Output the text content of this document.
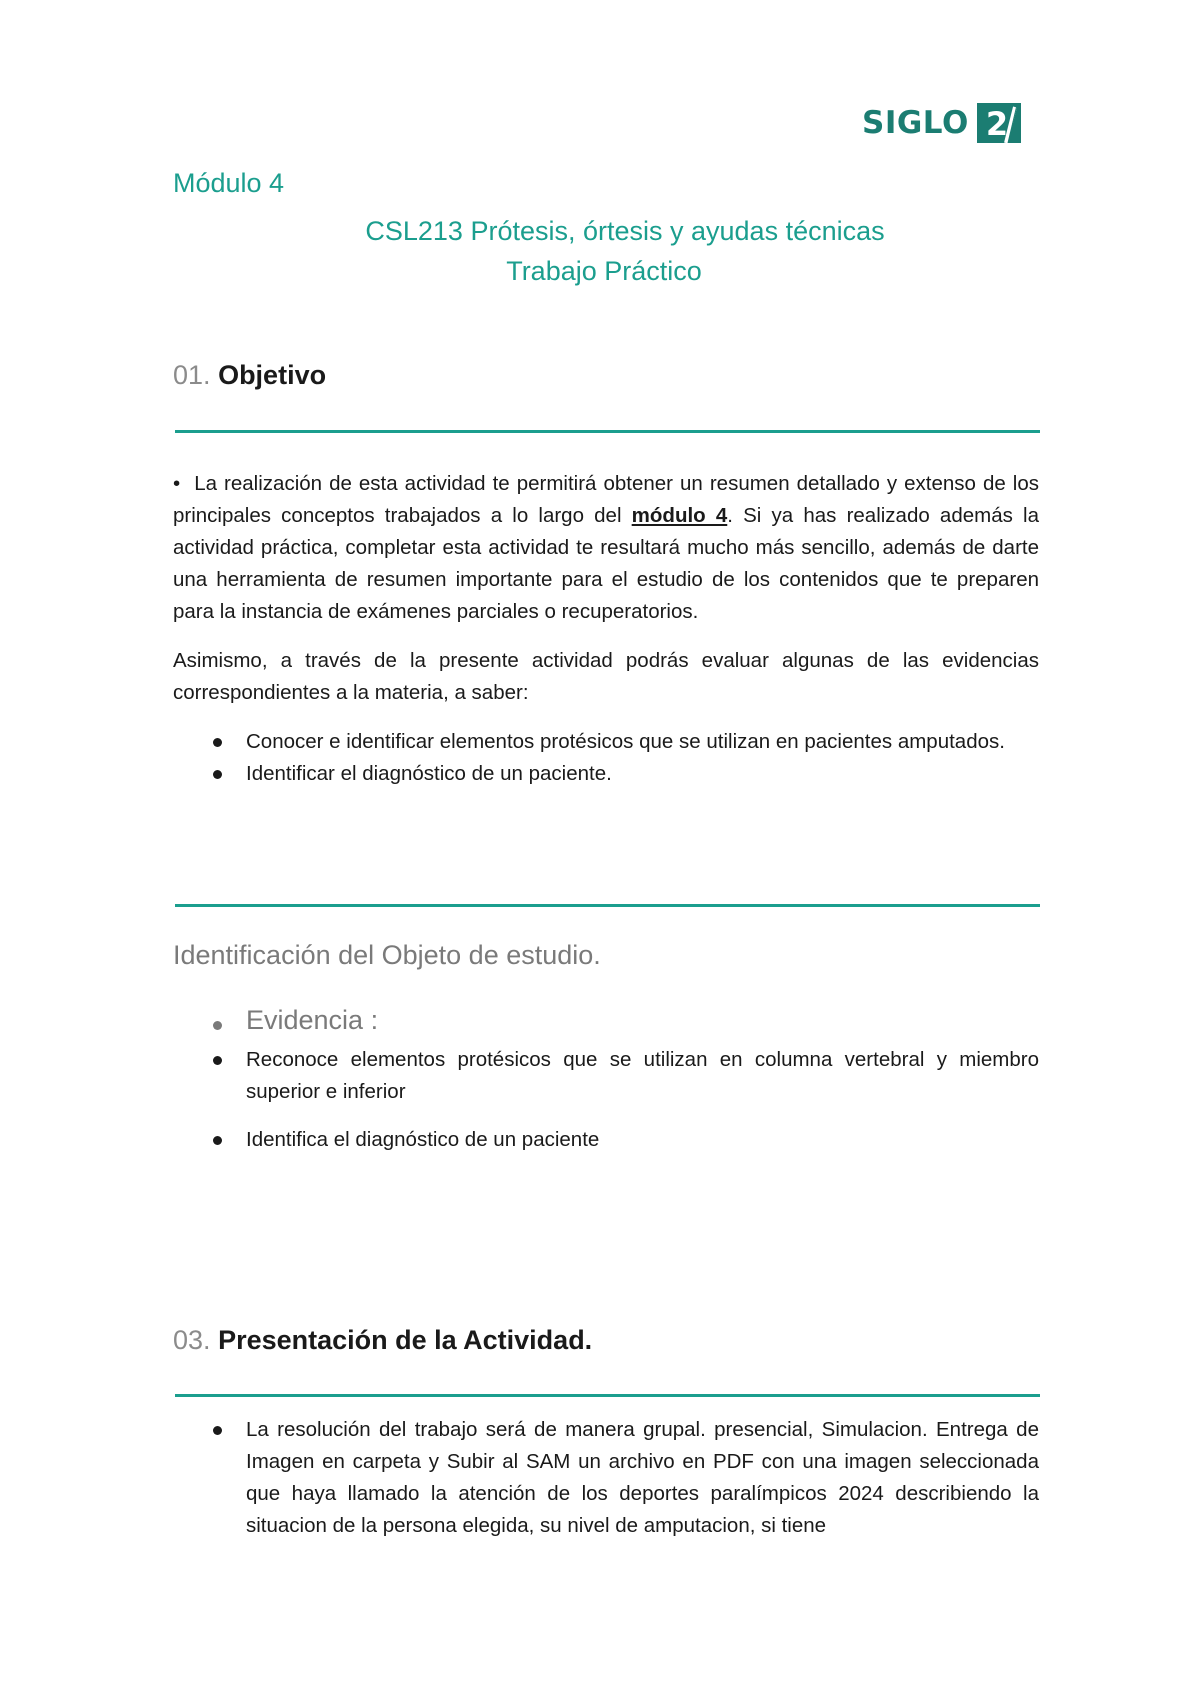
SIGLO 2
Módulo 4
CSL213 Prótesis, órtesis y ayudas técnicas
Trabajo Práctico
01. Objetivo
• La realización de esta actividad te permitirá obtener un resumen detallado y extenso de los principales conceptos trabajados a lo largo del módulo 4. Si ya has realizado además la actividad práctica, completar esta actividad te resultará mucho más sencillo, además de darte una herramienta de resumen importante para el estudio de los contenidos que te preparen para la instancia de exámenes parciales o recuperatorios.
Asimismo, a través de la presente actividad podrás evaluar algunas de las evidencias correspondientes a la materia, a saber:
Conocer e identificar elementos protésicos que se utilizan en pacientes amputados.
Identificar el diagnóstico de un paciente.
Identificación del Objeto de estudio.
Evidencia :
Reconoce elementos protésicos que se utilizan en columna vertebral y miembro superior e inferior
Identifica el diagnóstico de un paciente
03. Presentación de la Actividad.
La resolución del trabajo será de manera grupal. presencial, Simulacion. Entrega de Imagen en carpeta y Subir al SAM un archivo en PDF con una imagen seleccionada que haya llamado la atención de los deportes paralímpicos 2024 describiendo la situacion de la persona elegida, su nivel de amputacion, si tiene
